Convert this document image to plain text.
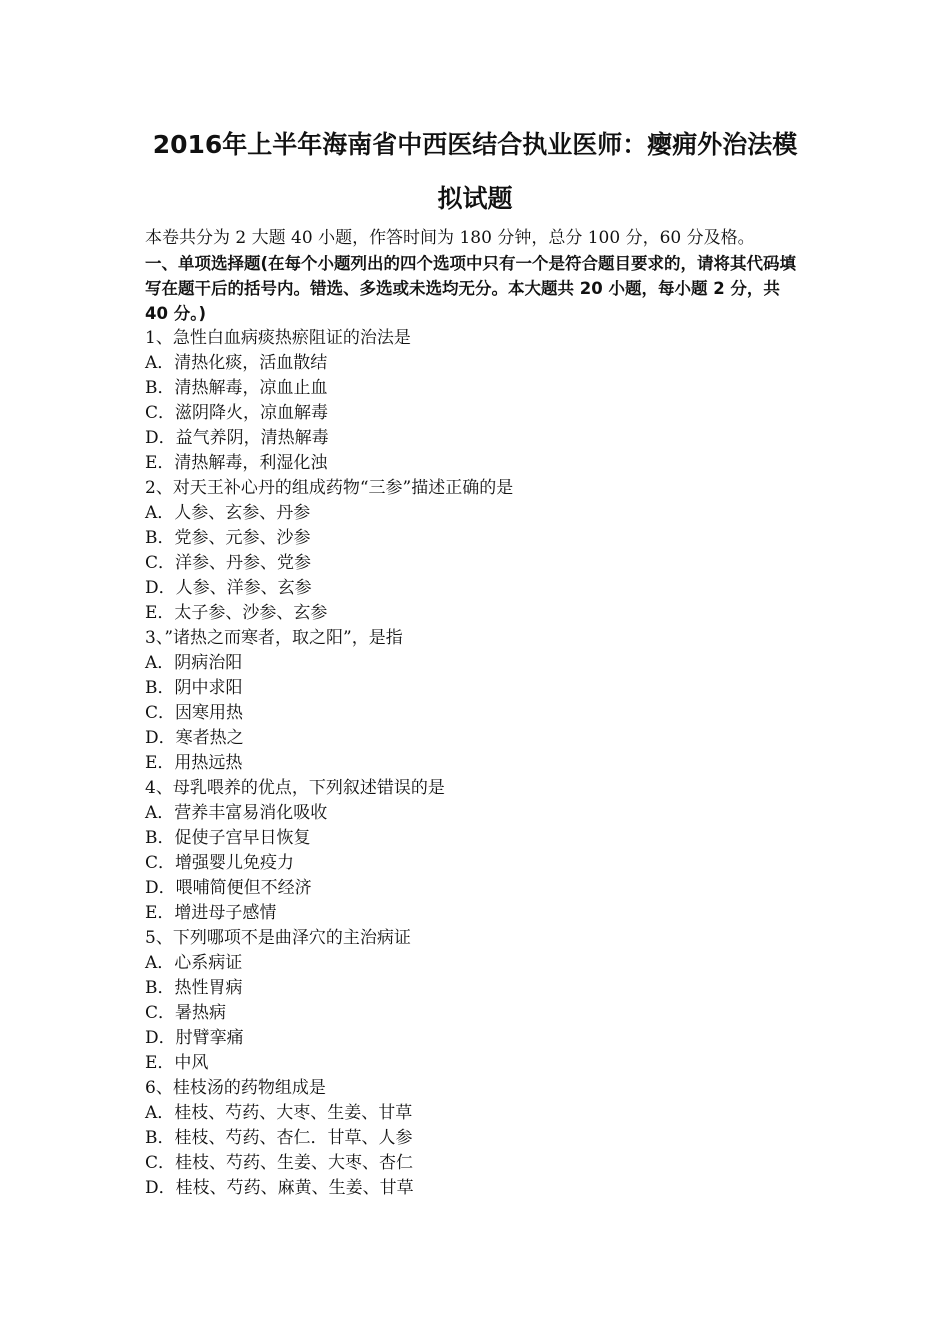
2016年上半年海南省中西医结合执业医师：瘿痈外治法模
拟试题
本卷共分为 2 大题 40 小题，作答时间为 180 分钟，总分 100 分，60 分及格。

一、单项选择题(在每个小题列出的四个选项中只有一个是符合题目要求的，请将其代码填写在题干后的括号内。错选、多选或未选均无分。本大题共 20 小题，每小题 2 分，共 40 分。)

1、急性白血病痰热瘀阻证的治法是
A．清热化痰，活血散结
B．清热解毒，凉血止血
C．滋阴降火，凉血解毒
D．益气养阴，清热解毒
E．清热解毒，利湿化浊
2、对天王补心丹的组成药物“三参”描述正确的是
A．人参、玄参、丹参
B．党参、元参、沙参
C．洋参、丹参、党参
D．人参、洋参、玄参
E．太子参、沙参、玄参
3、”诸热之而寒者，取之阳”，是指
A．阴病治阳
B．阴中求阳
C．因寒用热
D．寒者热之
E．用热远热
4、母乳喂养的优点，下列叙述错误的是
A．营养丰富易消化吸收
B．促使子宫早日恢复
C．增强婴儿免疫力
D．喂哺简便但不经济
E．增进母子感情
5、下列哪项不是曲泽穴的主治病证
A．心系病证
B．热性胃病
C．暑热病
D．肘臂挛痛
E．中风
6、桂枝汤的药物组成是
A．桂枝、芍药、大枣、生姜、甘草
B．桂枝、芍药、杏仁．甘草、人参
C．桂枝、芍药、生姜、大枣、杏仁
D．桂枝、芍药、麻黄、生姜、甘草
